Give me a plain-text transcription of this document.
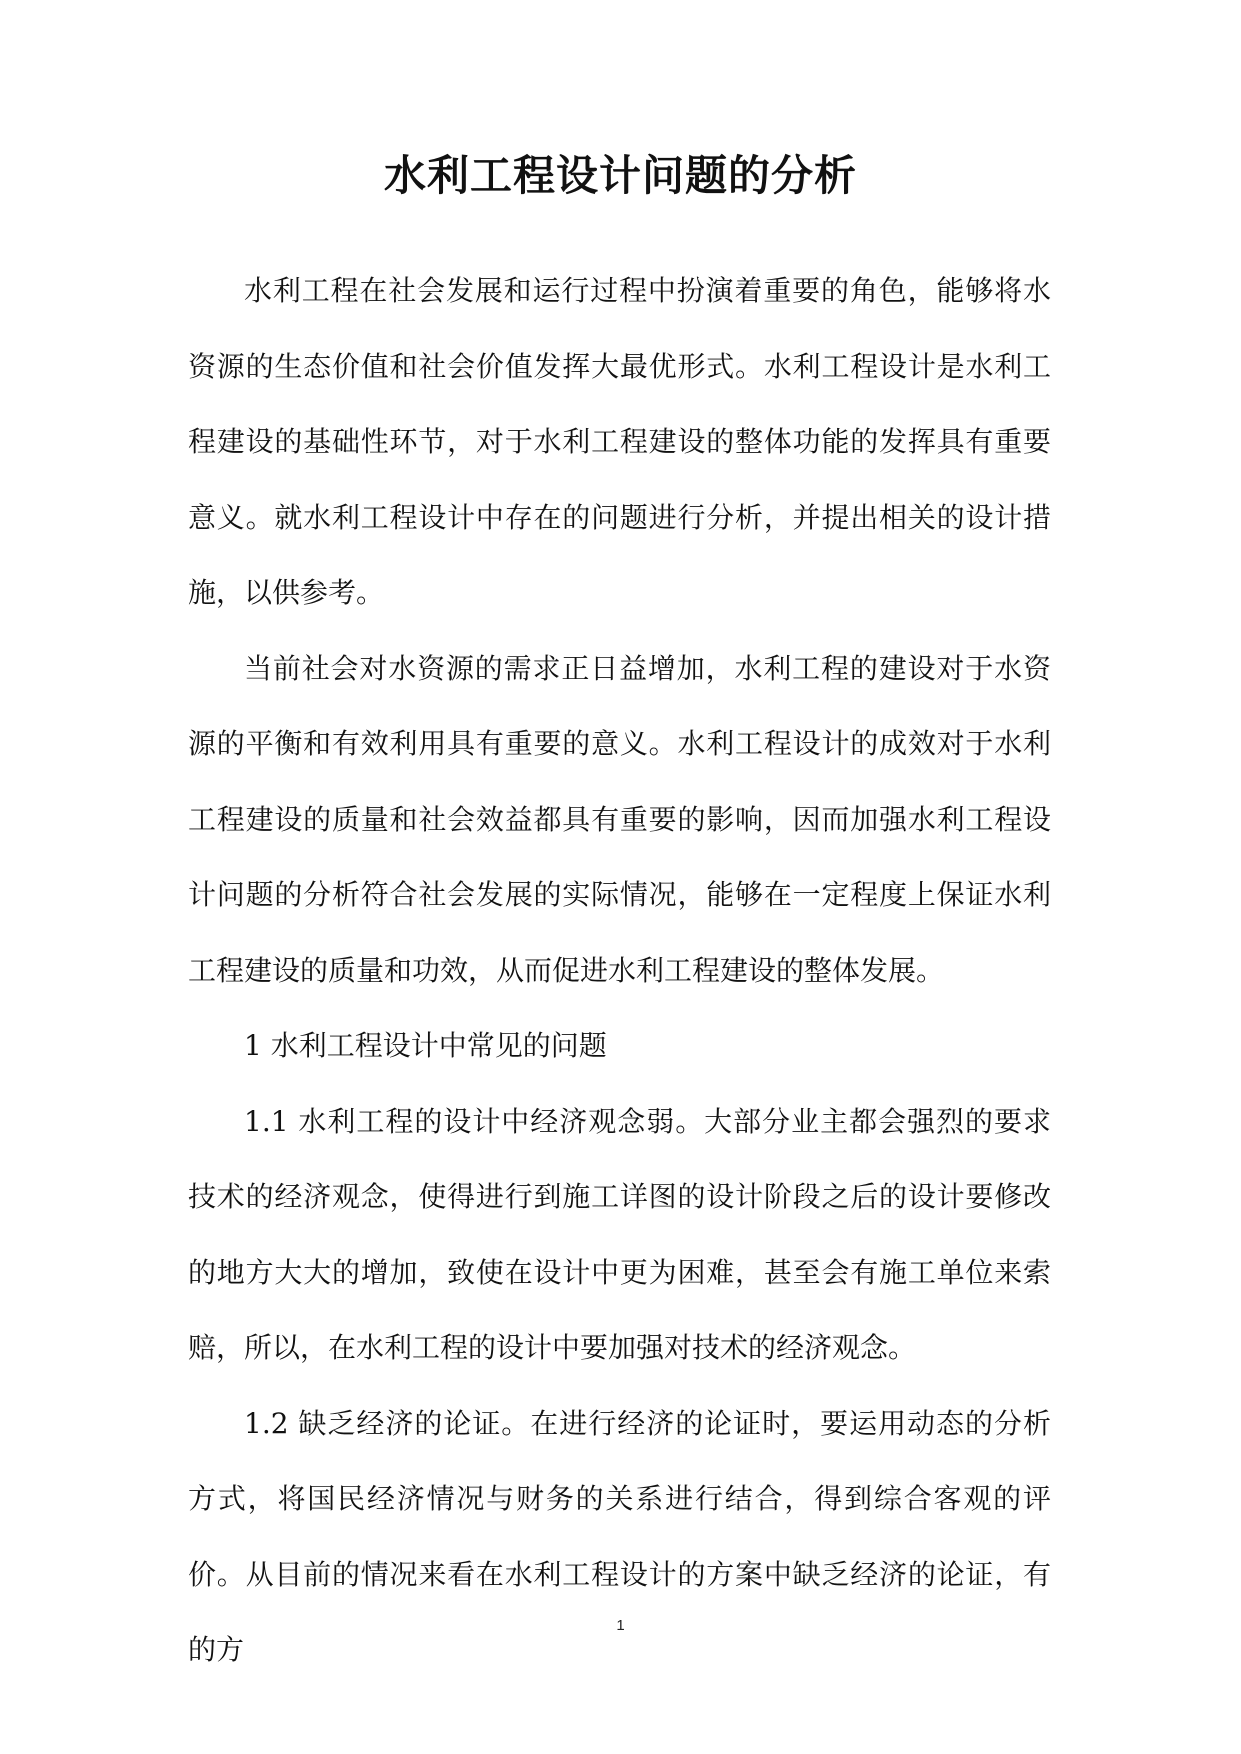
水利工程设计问题的分析

水利工程在社会发展和运行过程中扮演着重要的角色，能够将水资源的生态价值和社会价值发挥大最优形式。水利工程设计是水利工程建设的基础性环节，对于水利工程建设的整体功能的发挥具有重要意义。就水利工程设计中存在的问题进行分析，并提出相关的设计措施，以供参考。

当前社会对水资源的需求正日益增加，水利工程的建设对于水资源的平衡和有效利用具有重要的意义。水利工程设计的成效对于水利工程建设的质量和社会效益都具有重要的影响，因而加强水利工程设计问题的分析符合社会发展的实际情况，能够在一定程度上保证水利工程建设的质量和功效，从而促进水利工程建设的整体发展。

1 水利工程设计中常见的问题

1.1 水利工程的设计中经济观念弱。大部分业主都会强烈的要求技术的经济观念，使得进行到施工详图的设计阶段之后的设计要修改的地方大大的增加，致使在设计中更为困难，甚至会有施工单位来索赔，所以，在水利工程的设计中要加强对技术的经济观念。

1.2 缺乏经济的论证。在进行经济的论证时，要运用动态的分析方式，将国民经济情况与财务的关系进行结合，得到综合客观的评价。从目前的情况来看在水利工程设计的方案中缺乏经济的论证，有的方

1
